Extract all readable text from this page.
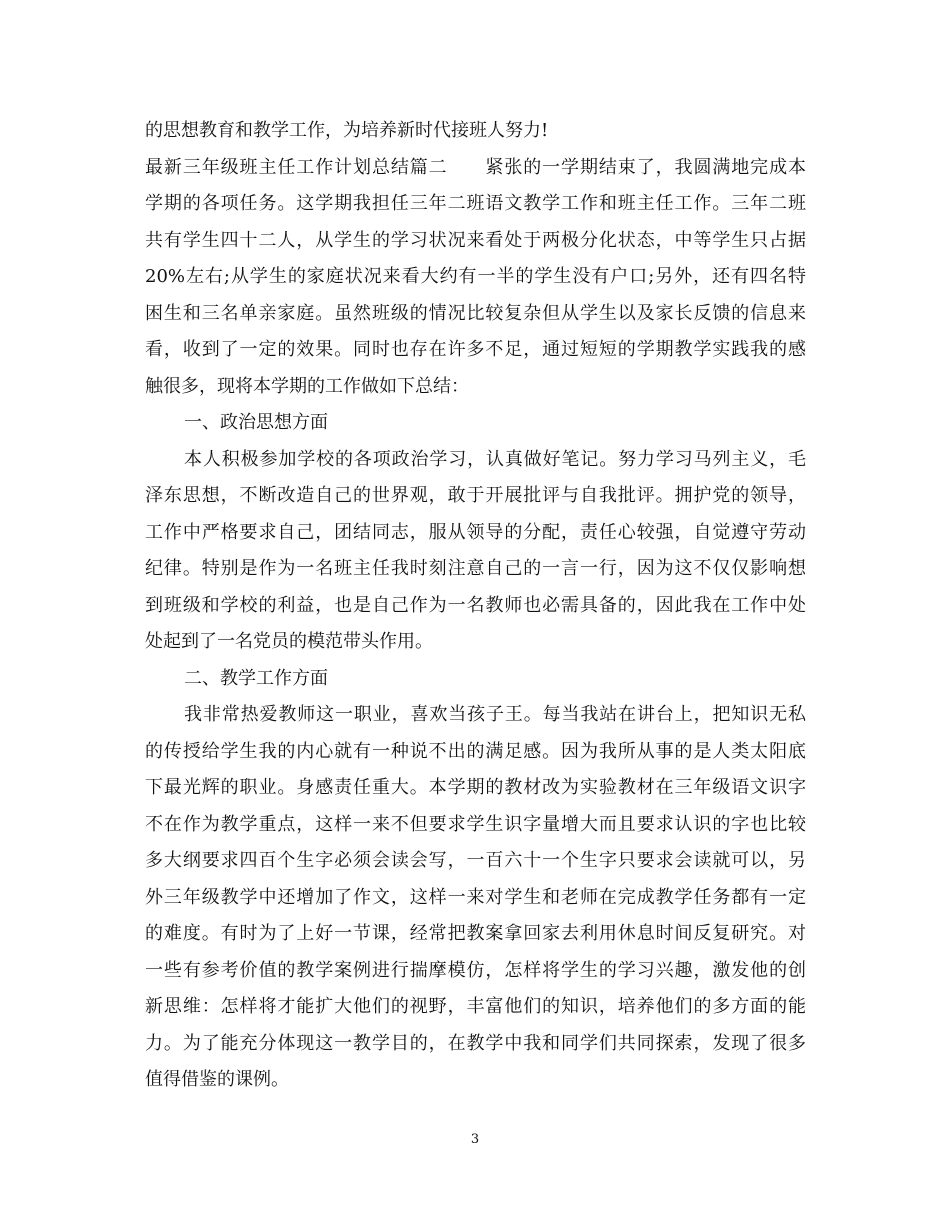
的思想教育和教学工作，为培养新时代接班人努力!
最新三年级班主任工作计划总结篇二　　紧张的一学期结束了，我圆满地完成本
学期的各项任务。这学期我担任三年二班语文教学工作和班主任工作。三年二班
共有学生四十二人，从学生的学习状况来看处于两极分化状态，中等学生只占据
20%左右;从学生的家庭状况来看大约有一半的学生没有户口;另外，还有四名特
困生和三名单亲家庭。虽然班级的情况比较复杂但从学生以及家长反馈的信息来
看，收到了一定的效果。同时也存在许多不足，通过短短的学期教学实践我的感
触很多，现将本学期的工作做如下总结：
一、政治思想方面
本人积极参加学校的各项政治学习，认真做好笔记。努力学习马列主义，毛
泽东思想，不断改造自己的世界观，敢于开展批评与自我批评。拥护党的领导，
工作中严格要求自己，团结同志，服从领导的分配，责任心较强，自觉遵守劳动
纪律。特别是作为一名班主任我时刻注意自己的一言一行，因为这不仅仅影响想
到班级和学校的利益，也是自己作为一名教师也必需具备的，因此我在工作中处
处起到了一名党员的模范带头作用。
二、教学工作方面
我非常热爱教师这一职业，喜欢当孩子王。每当我站在讲台上，把知识无私
的传授给学生我的内心就有一种说不出的满足感。因为我所从事的是人类太阳底
下最光辉的职业。身感责任重大。本学期的教材改为实验教材在三年级语文识字
不在作为教学重点，这样一来不但要求学生识字量增大而且要求认识的字也比较
多大纲要求四百个生字必须会读会写，一百六十一个生字只要求会读就可以，另
外三年级教学中还增加了作文，这样一来对学生和老师在完成教学任务都有一定
的难度。有时为了上好一节课，经常把教案拿回家去利用休息时间反复研究。对
一些有参考价值的教学案例进行揣摩模仿，怎样将学生的学习兴趣，激发他的创
新思维：怎样将才能扩大他们的视野，丰富他们的知识，培养他们的多方面的能
力。为了能充分体现这一教学目的，在教学中我和同学们共同探索，发现了很多
值得借鉴的课例。
3
